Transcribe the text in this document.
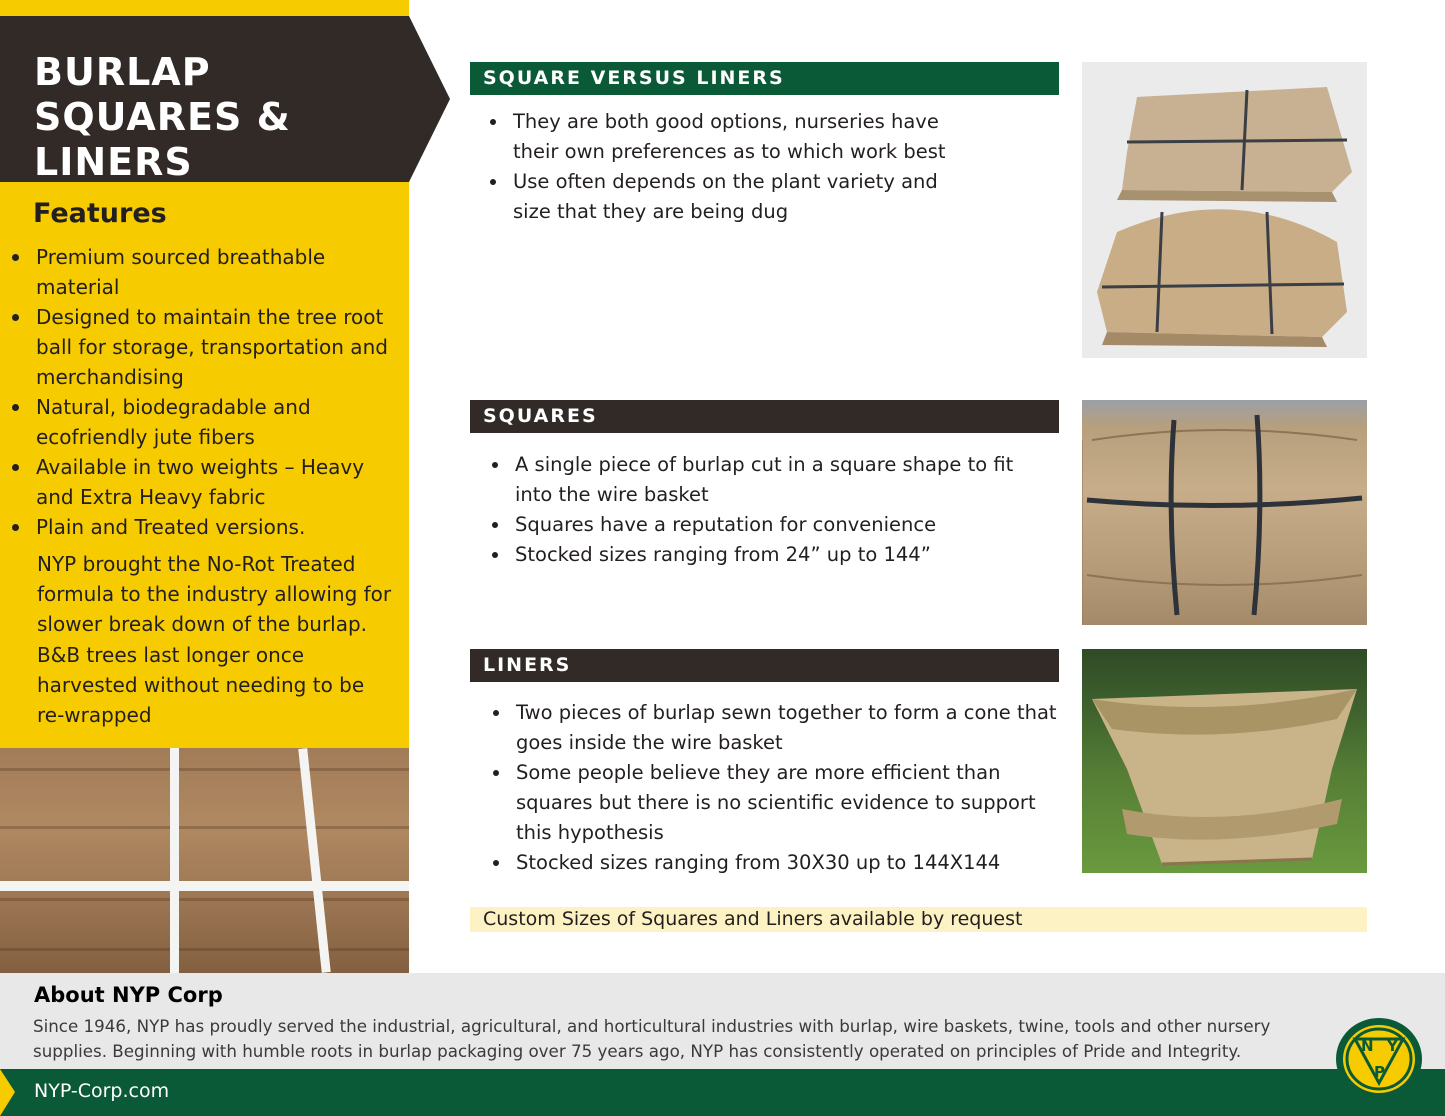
BURLAP
SQUARES &
LINERS
Features
Premium sourced breathable material
Designed to maintain the tree root ball for storage, transportation and merchandising
Natural, biodegradable and ecofriendly jute fibers
Available in two weights – Heavy and Extra Heavy fabric
Plain and Treated versions.
NYP brought the No-Rot Treated formula to the industry allowing for slower break down of the burlap. B&B trees last longer once harvested without needing to be re-wrapped
SQUARE VERSUS LINERS
They are both good options, nurseries have their own preferences as to which work best
Use often depends on the plant variety and size that they are being dug
SQUARES
A single piece of burlap cut in a square shape to fit into the wire basket
Squares have a reputation for convenience
Stocked sizes ranging from 24” up to 144”
LINERS
Two pieces of burlap sewn together to form a cone that goes inside the wire basket
Some people believe they are more efficient than squares but there is no scientific evidence to support this hypothesis
Stocked sizes ranging from 30X30 up to 144X144
Custom Sizes of Squares and Liners available by request
About NYP Corp
Since 1946, NYP has proudly served the industrial, agricultural, and horticultural industries with burlap, wire baskets, twine, tools and other nursery supplies. Beginning with humble roots in burlap packaging over 75 years ago, NYP has consistently operated on principles of Pride and Integrity.
NYP-Corp.com
N Y
P
